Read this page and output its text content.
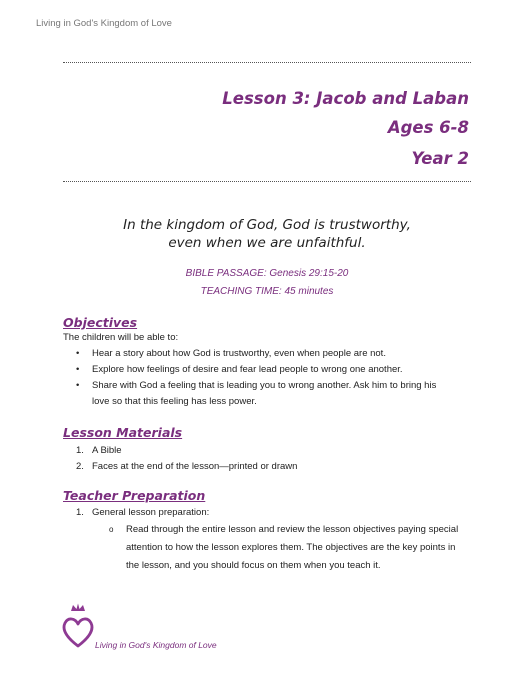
Living in God's Kingdom of Love
Lesson 3: Jacob and Laban
Ages 6-8
Year 2
In the kingdom of God, God is trustworthy,
even when we are unfaithful.
BIBLE PASSAGE: Genesis 29:15-20
TEACHING TIME: 45 minutes
Objectives
The children will be able to:
• Hear a story about how God is trustworthy, even when people are not.
• Explore how feelings of desire and fear lead people to wrong one another.
• Share with God a feeling that is leading you to wrong another. Ask him to bring his love so that this feeling has less power.
Lesson Materials
1. A Bible
2. Faces at the end of the lesson—printed or drawn
Teacher Preparation
1. General lesson preparation:
o Read through the entire lesson and review the lesson objectives paying special attention to how the lesson explores them. The objectives are the key points in the lesson, and you should focus on them when you teach it.
Living in God's Kingdom of Love
